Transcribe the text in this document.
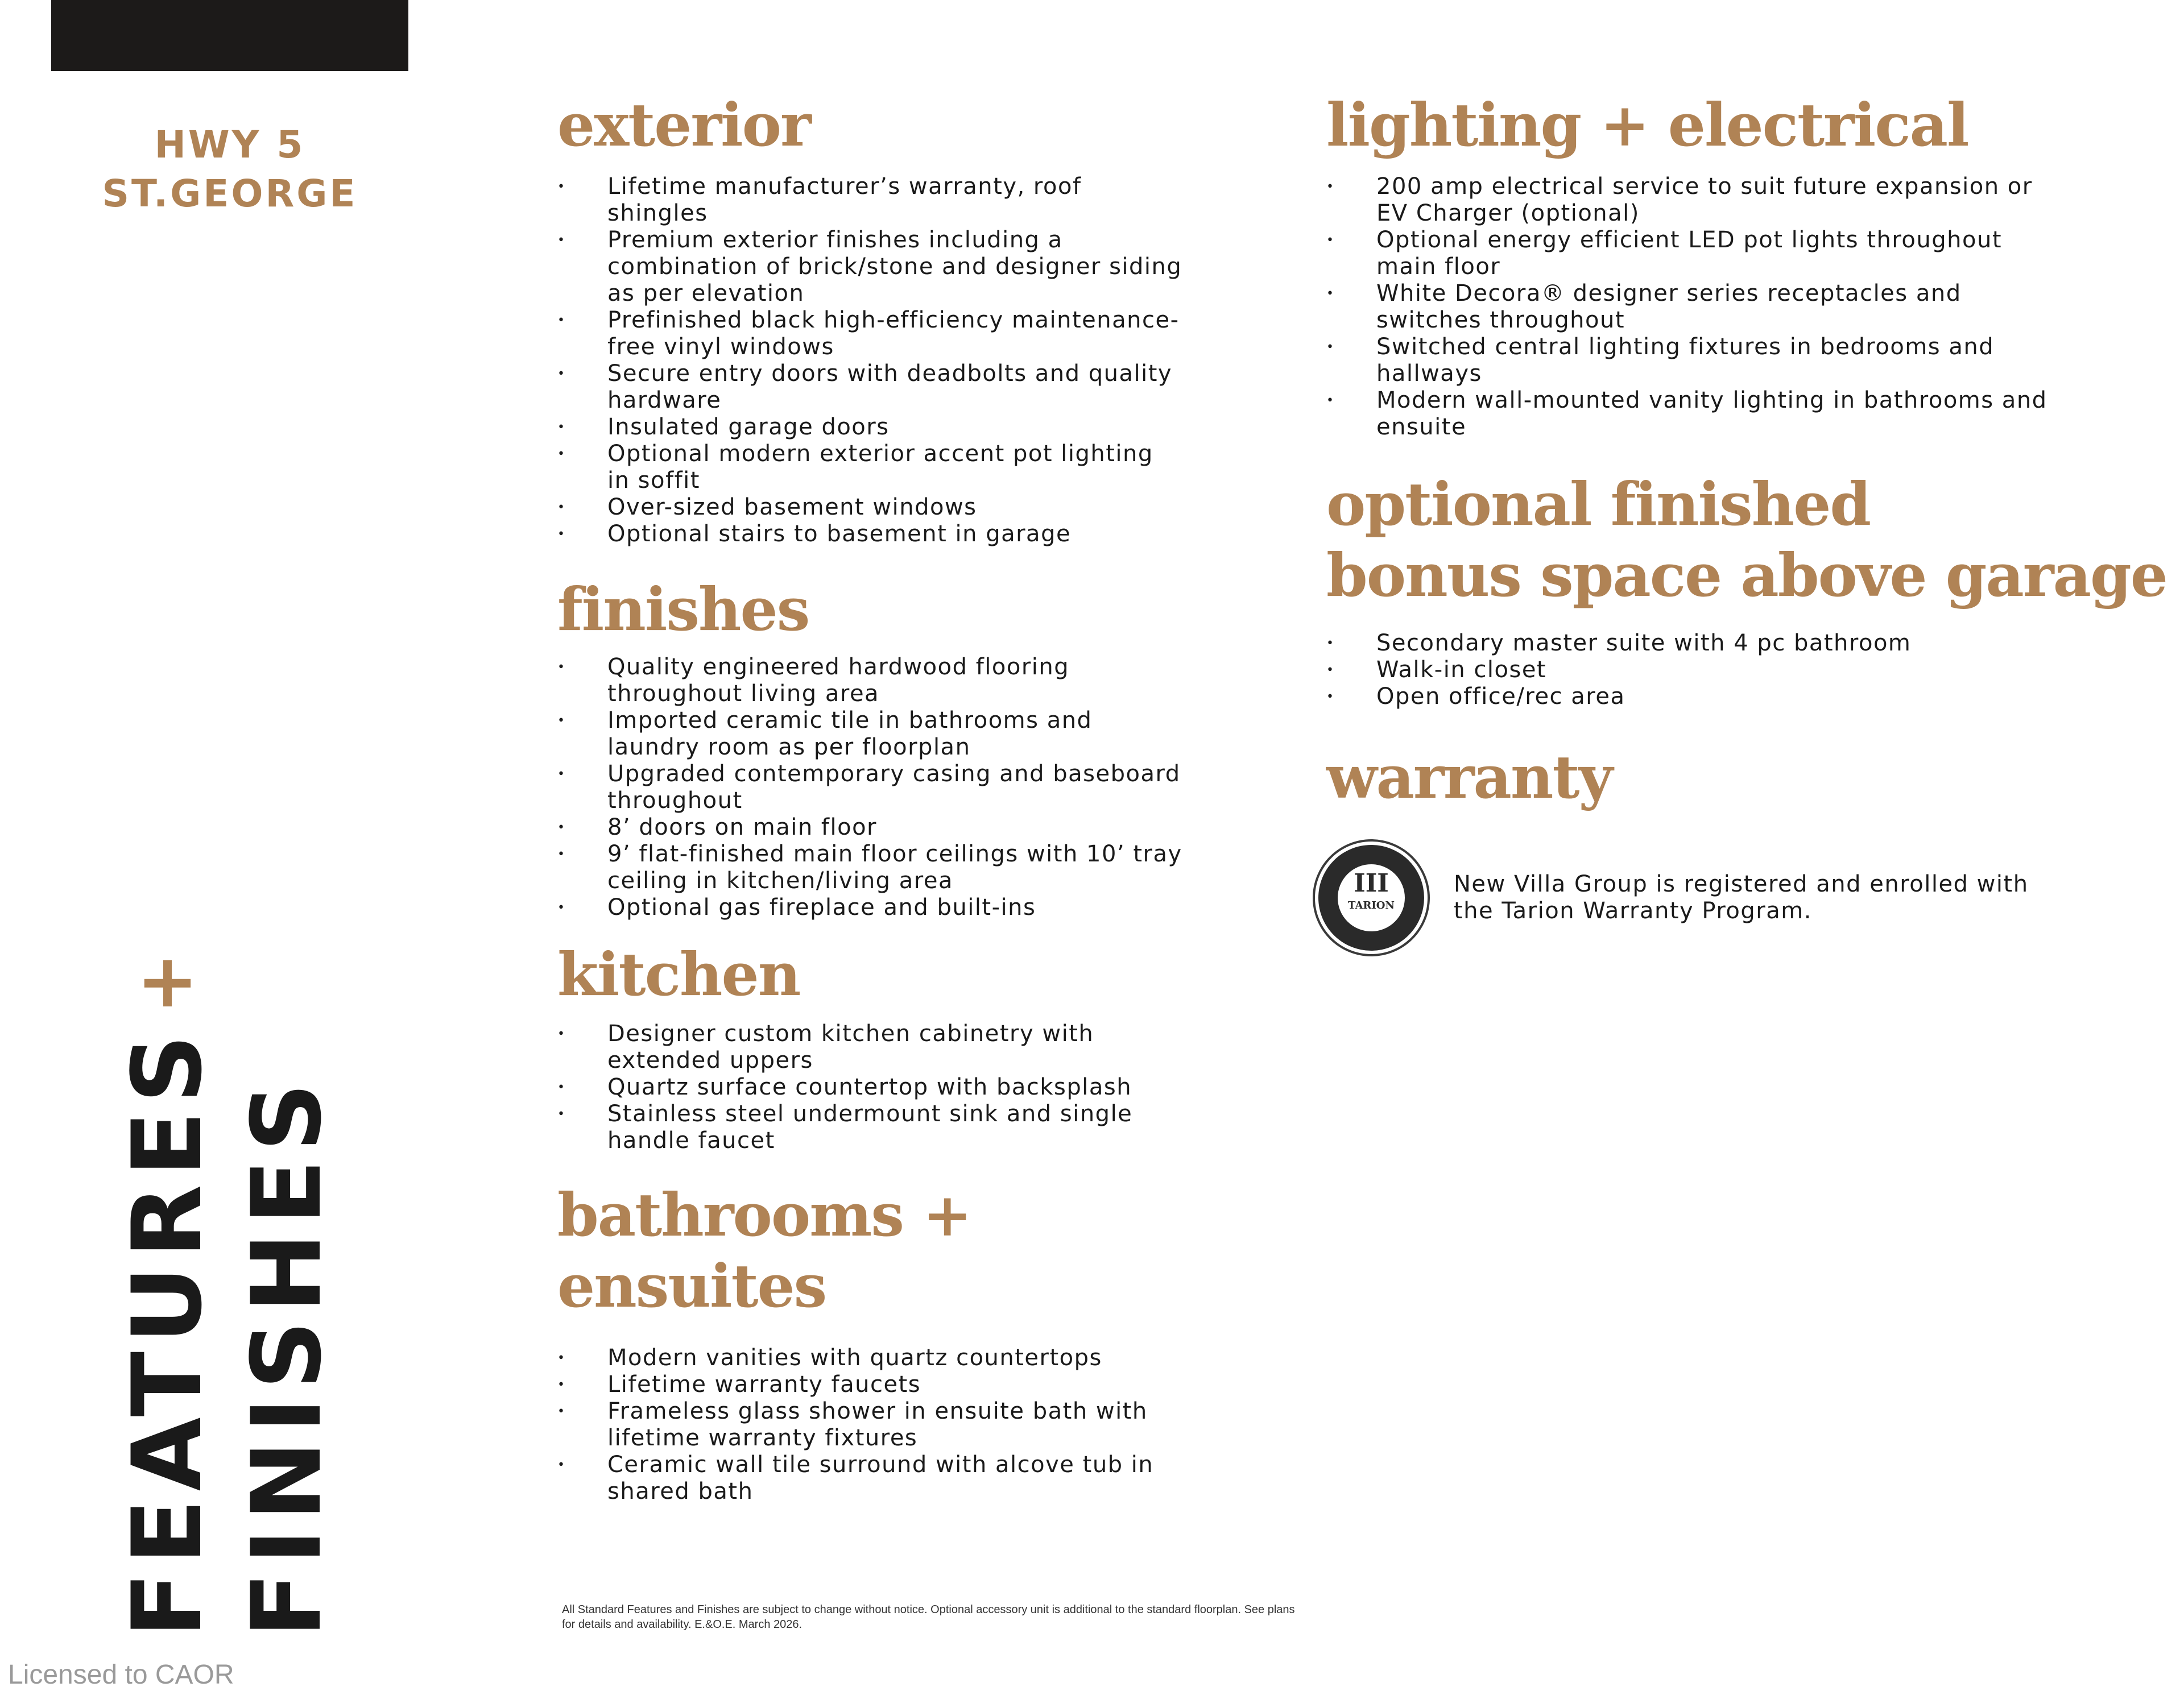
HWY 5
ST.GEORGE
+
FEATURES FINISHES
exterior
• Lifetime manufacturer’s warranty, roof shingles
• Premium exterior finishes including a combination of brick/stone and designer siding as per elevation
• Prefinished black high-efficiency maintenance-free vinyl windows
• Secure entry doors with deadbolts and quality hardware
• Insulated garage doors
• Optional modern exterior accent pot lighting in soffit
• Over-sized basement windows
• Optional stairs to basement in garage
finishes
• Quality engineered hardwood flooring throughout living area
• Imported ceramic tile in bathrooms and laundry room as per floorplan
• Upgraded contemporary casing and baseboard throughout
• 8’ doors on main floor
• 9’ flat-finished main floor ceilings with 10’ tray ceiling in kitchen/living area
• Optional gas fireplace and built-ins
kitchen
• Designer custom kitchen cabinetry with extended uppers
• Quartz surface countertop with backsplash
• Stainless steel undermount sink and single handle faucet
bathrooms +
ensuites
• Modern vanities with quartz countertops
• Lifetime warranty faucets
• Frameless glass shower in ensuite bath with lifetime warranty fixtures
• Ceramic wall tile surround with alcove tub in shared bath
lighting + electrical
• 200 amp electrical service to suit future expansion or EV Charger (optional)
• Optional energy efficient LED pot lights throughout main floor
• White Decora® designer series receptacles and switches throughout
• Switched central lighting fixtures in bedrooms and hallways
• Modern wall-mounted vanity lighting in bathrooms and ensuite
optional finished
bonus space above garage
• Secondary master suite with 4 pc bathroom
• Walk-in closet
• Open office/rec area
warranty
III
TARION
New Villa Group is registered and enrolled with the Tarion Warranty Program.
All Standard Features and Finishes are subject to change without notice. Optional accessory unit is additional to the standard floorplan. See plans for details and availability. E.&O.E. March 2026.
Licensed to CAOR
